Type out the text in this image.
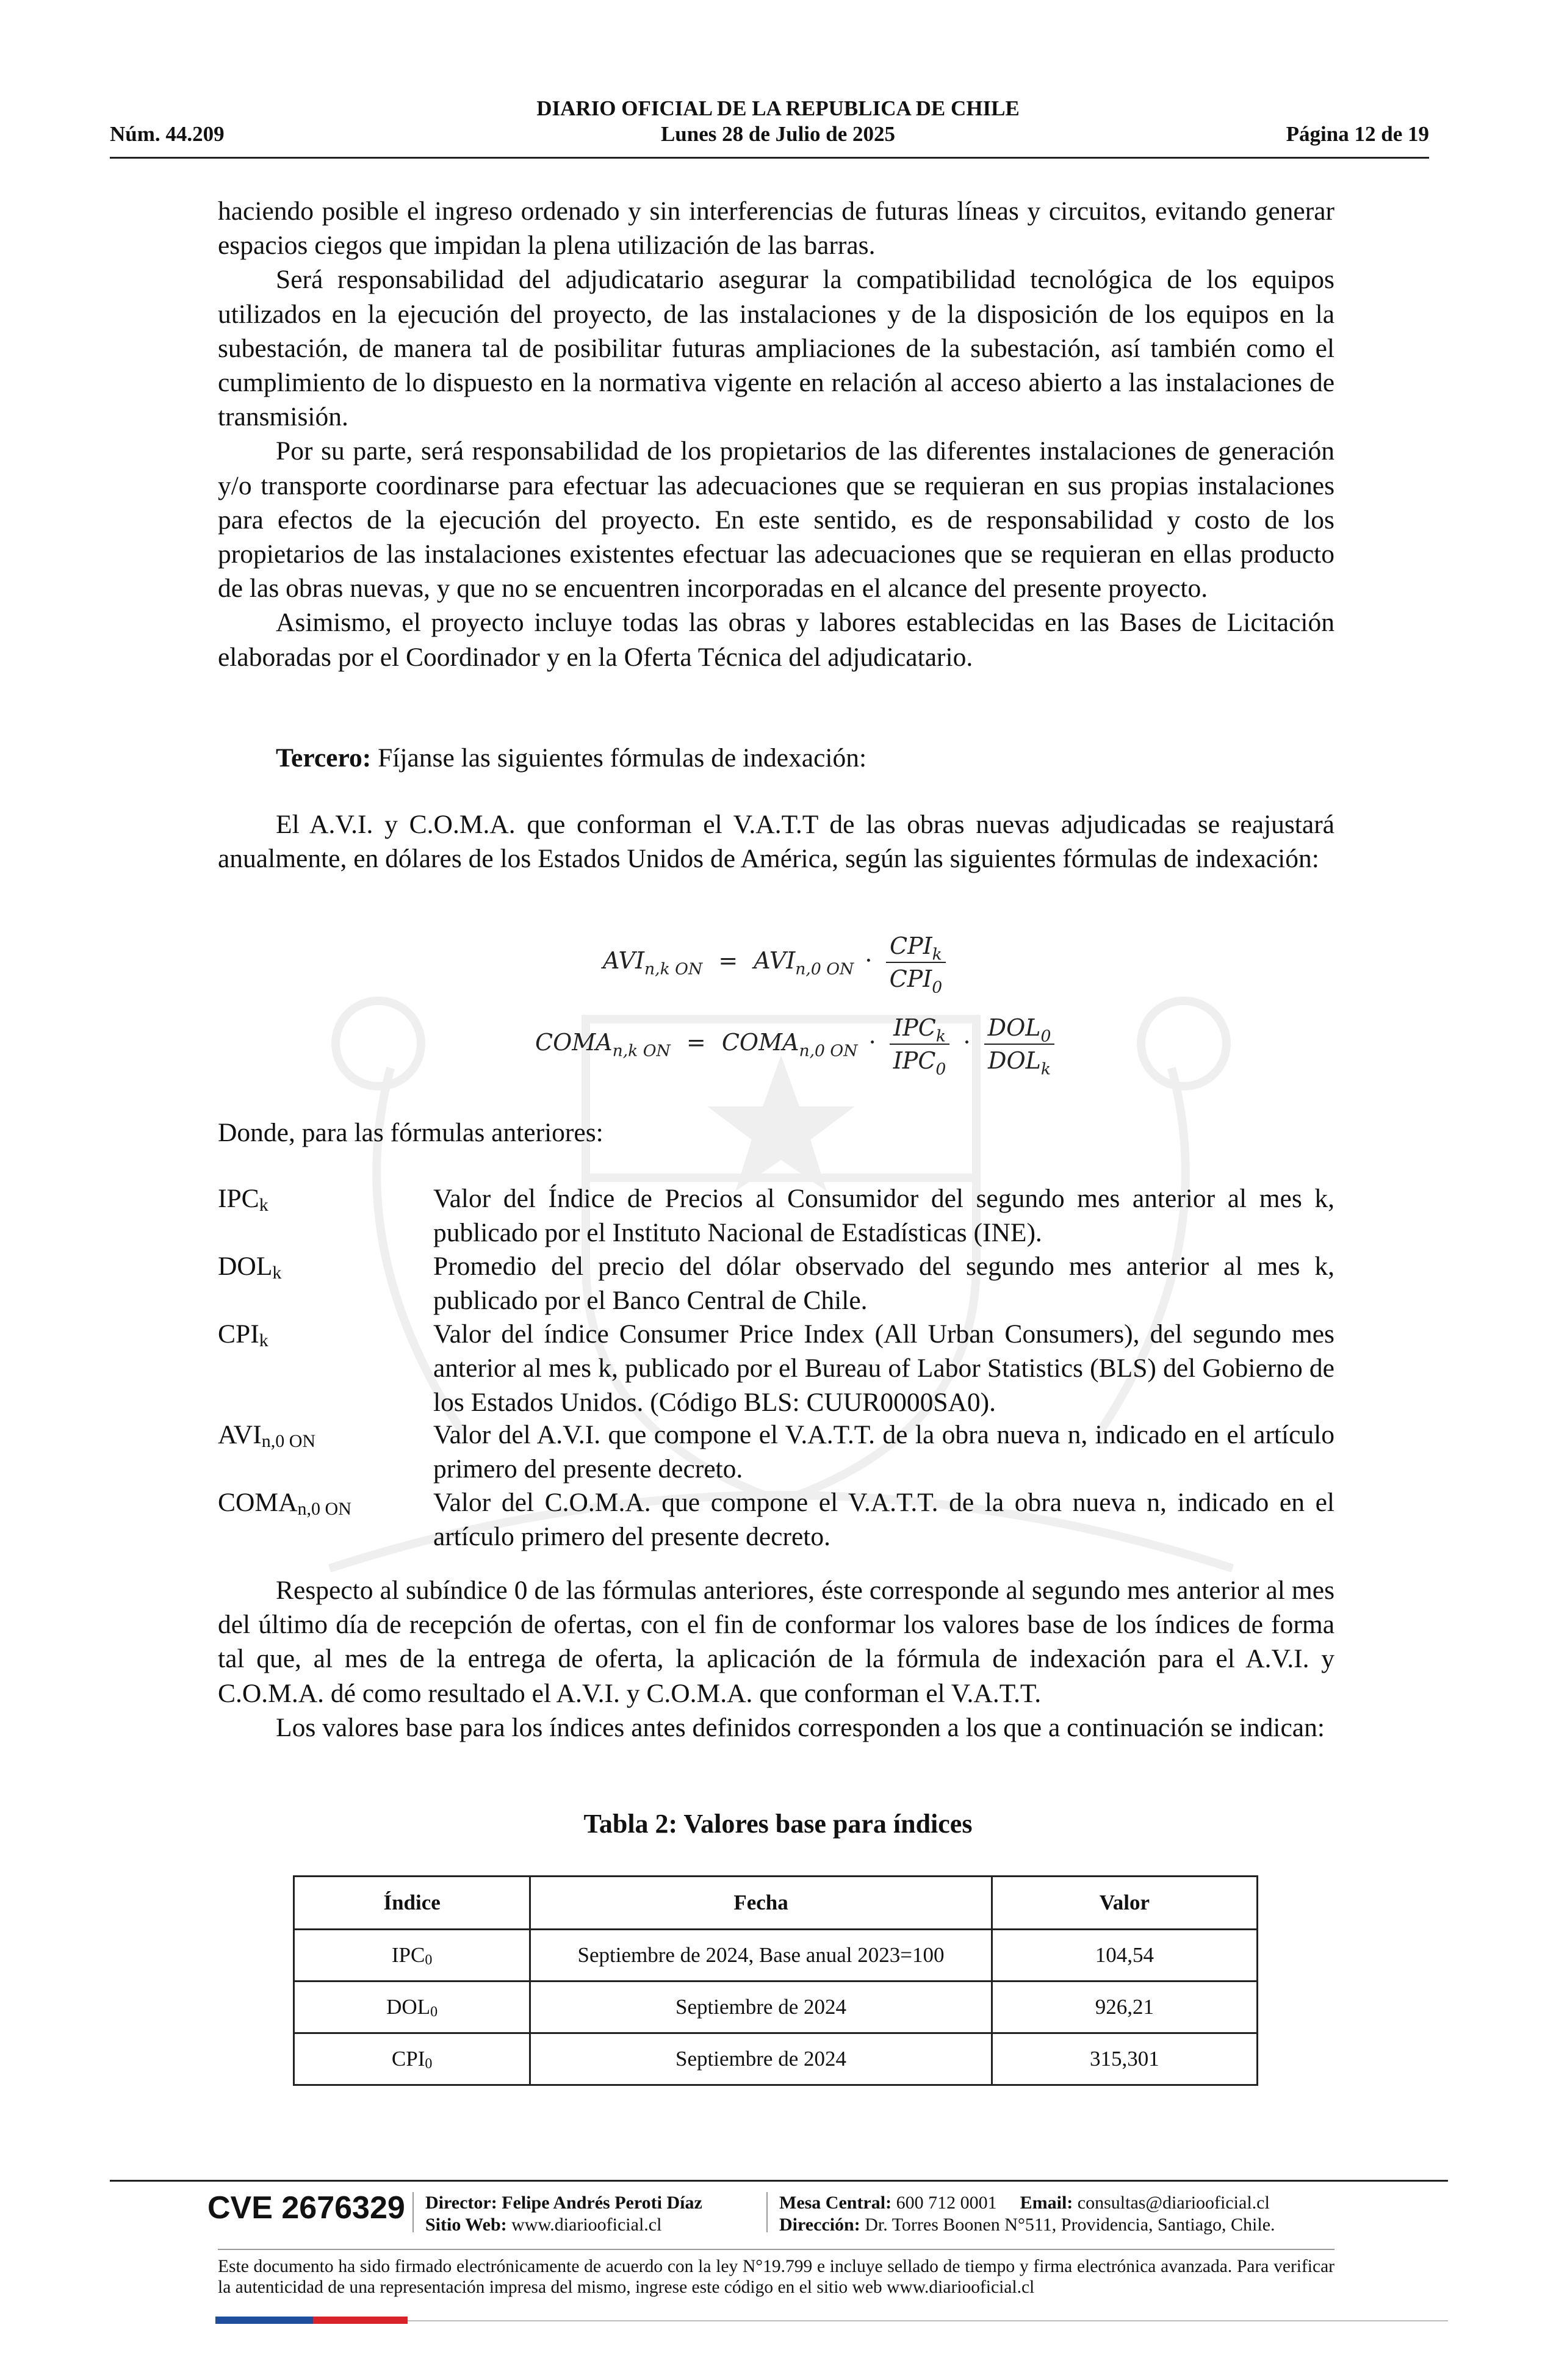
DIARIO OFICIAL DE LA REPUBLICA DE CHILE
Núm. 44.209	Lunes 28 de Julio de 2025	Página 12 de 19

haciendo posible el ingreso ordenado y sin interferencias de futuras líneas y circuitos, evitando generar espacios ciegos que impidan la plena utilización de las barras.

Será responsabilidad del adjudicatario asegurar la compatibilidad tecnológica de los equipos utilizados en la ejecución del proyecto, de las instalaciones y de la disposición de los equipos en la subestación, de manera tal de posibilitar futuras ampliaciones de la subestación, así también como el cumplimiento de lo dispuesto en la normativa vigente en relación al acceso abierto a las instalaciones de transmisión.

Por su parte, será responsabilidad de los propietarios de las diferentes instalaciones de generación y/o transporte coordinarse para efectuar las adecuaciones que se requieran en sus propias instalaciones para efectos de la ejecución del proyecto. En este sentido, es de responsabilidad y costo de los propietarios de las instalaciones existentes efectuar las adecuaciones que se requieran en ellas producto de las obras nuevas, y que no se encuentren incorporadas en el alcance del presente proyecto.

Asimismo, el proyecto incluye todas las obras y labores establecidas en las Bases de Licitación elaboradas por el Coordinador y en la Oferta Técnica del adjudicatario.

Tercero: Fíjanse las siguientes fórmulas de indexación:

El A.V.I. y C.O.M.A. que conforman el V.A.T.T de las obras nuevas adjudicadas se reajustará anualmente, en dólares de los Estados Unidos de América, según las siguientes fórmulas de indexación:

$AVI_{n,k ON} = AVI_{n,0 ON} \cdot \frac{CPI_k}{CPI_0}$
$COMA_{n,k ON}$ = $COMA_{n,0 ON} \cdot \frac{IPC_k}{IPC_0} \cdot \frac{DOL_0}{DOL_k}$

Donde, para las fórmulas anteriores:

$IPC_k$	Valor del Índice de Precios al Consumidor del segundo mes anterior al mes k, publicado por el Instituto Nacional de Estadísticas (INE).
$DOL_k$	Promedio del precio del dólar observado del segundo mes anterior al mes k, publicado por el Banco Central de Chile.
$CPI_k$	Valor del índice Consumer Price Index (All Urban Consumers), del segundo mes anterior al mes k, publicado por el Bureau of Labor Statistics (BLS) del Gobierno de los Estados Unidos. (Código BLS: CUUR0000SA0).
$AVI_{n,0 ON}$	Valor del A.V.I. que compone el V.A.T.T. de la obra nueva n, indicado en el artículo primero del presente decreto.
$COMA_{n,0 ON}$	Valor del C.O.M.A. que compone el V.A.T.T. de la obra nueva n, indicado en el artículo primero del presente decreto.

Respecto al subíndice 0 de las fórmulas anteriores, éste corresponde al segundo mes anterior al mes del último día de recepción de ofertas, con el fin de conformar los valores base de los índices de forma tal que, al mes de la entrega de oferta, la aplicación de la fórmula de indexación para el A.V.I. y C.O.M.A. dé como resultado el A.V.I. y C.O.M.A. que conforman el V.A.T.T.

Los valores base para los índices antes definidos corresponden a los que a continuación se indican:

Tabla 2: Valores base para índices
Índice	Fecha	Valor
$IPC_0$	Septiembre de 2024, Base anual 2023=100	104,54
$DOL_0$	Septiembre de 2024	926,21
$CPI_0$	Septiembre de 2024	315,301
CVE 2676329 Director: Felipe Andrés Peroti Díaz
Sitio Web: www.diariooficial.cl
Mesa Central: 600 712 0001 Email: consultas@diariooficial.cl
Dirección: Dr. Torres Boonen N°511, Providencia, Santiago, Chile.
Este documento ha sido firmado electrónicamente de acuerdo con la ley N°19.799 e incluye sellado de tiempo y firma electrónica avanzada. Para verificar la autenticidad de una representación impresa del mismo, ingrese este código en el sitio web www.diariooficial.cl
